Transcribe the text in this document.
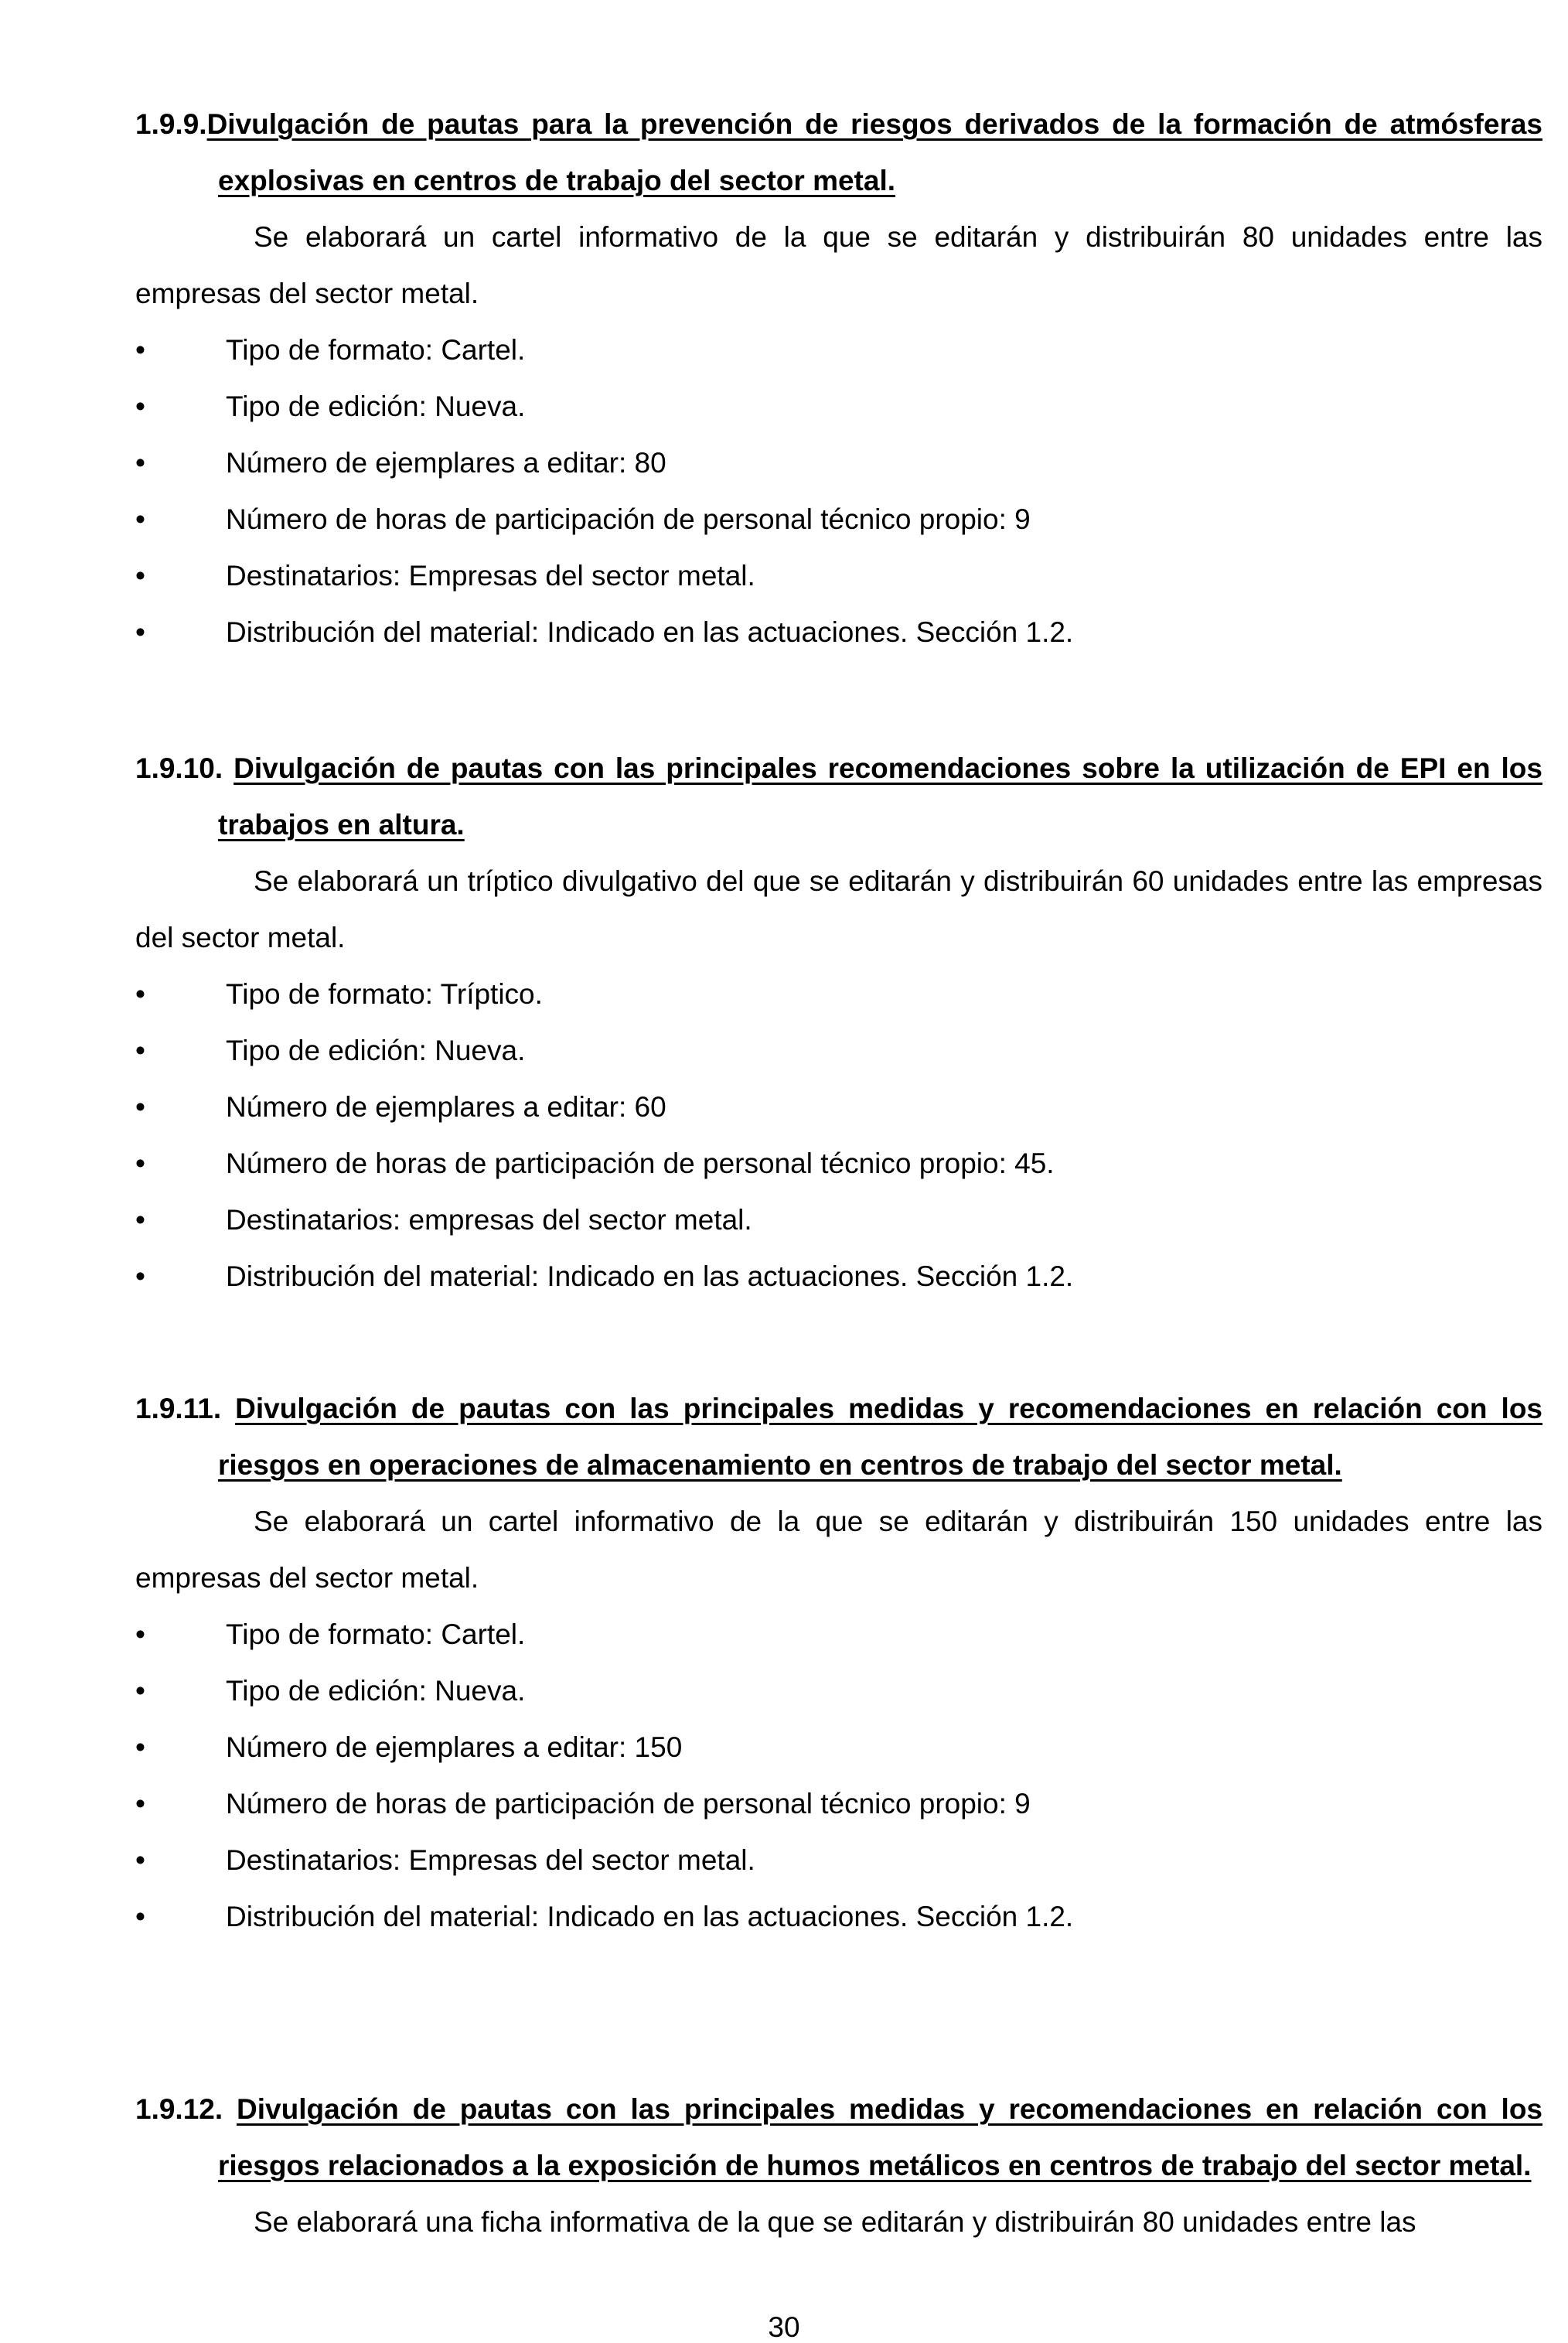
1.9.9.Divulgación de pautas para la prevención de riesgos derivados de la formación de atmósferas explosivas en centros de trabajo del sector metal.

Se elaborará un cartel informativo de la que se editarán y distribuirán 80 unidades entre las empresas del sector metal.

•	Tipo de formato: Cartel.
•	Tipo de edición: Nueva.
•	Número de ejemplares a editar: 80
•	Número de horas de participación de personal técnico propio: 9
•	Destinatarios: Empresas del sector metal.
•	Distribución del material: Indicado en las actuaciones. Sección 1.2.

1.9.10. Divulgación de pautas con las principales recomendaciones sobre la utilización de EPI en los trabajos en altura.

Se elaborará un tríptico divulgativo del que se editarán y distribuirán 60 unidades entre las empresas del sector metal.

•	Tipo de formato: Tríptico.
•	Tipo de edición: Nueva.
•	Número de ejemplares a editar: 60
•	Número de horas de participación de personal técnico propio: 45.
•	Destinatarios: empresas del sector metal.
•	Distribución del material: Indicado en las actuaciones. Sección 1.2.

1.9.11. Divulgación de pautas con las principales medidas y recomendaciones en relación con los riesgos en operaciones de almacenamiento en centros de trabajo del sector metal.

Se elaborará un cartel informativo de la que se editarán y distribuirán 150 unidades entre las empresas del sector metal.

•	Tipo de formato: Cartel.
•	Tipo de edición: Nueva.
•	Número de ejemplares a editar: 150
•	Número de horas de participación de personal técnico propio: 9
•	Destinatarios: Empresas del sector metal.
•	Distribución del material: Indicado en las actuaciones. Sección 1.2.

1.9.12. Divulgación de pautas con las principales medidas y recomendaciones en relación con los riesgos relacionados a la exposición de humos metálicos en centros de trabajo del sector metal.

Se elaborará una ficha informativa de la que se editarán y distribuirán 80 unidades entre las

30
